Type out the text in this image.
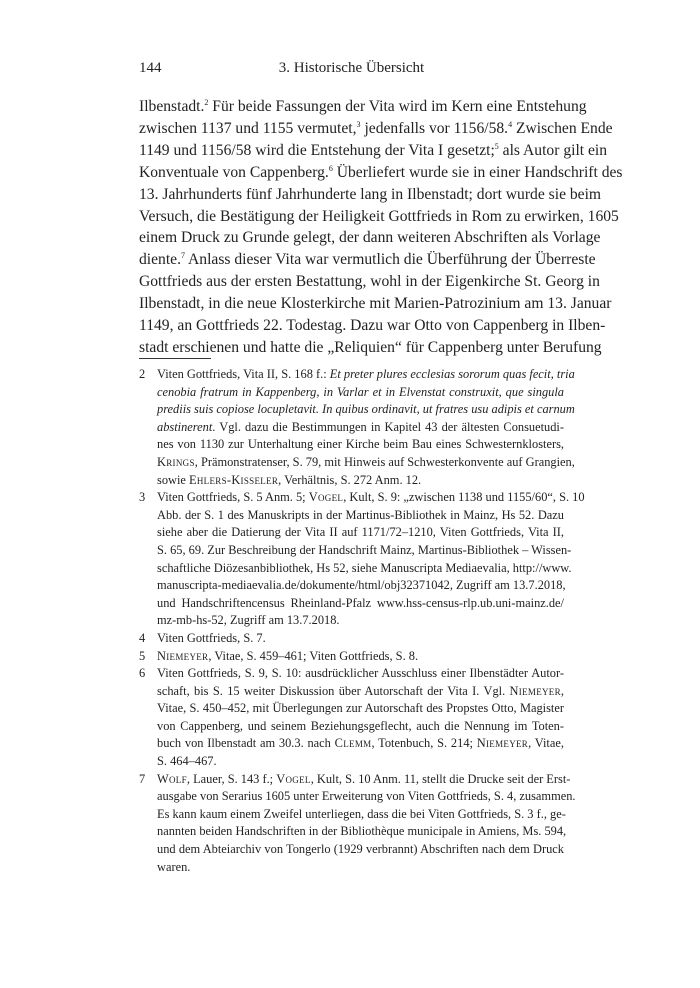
144	3. Historische Übersicht
Ilbenstadt.$^2$ Für beide Fassungen der Vita wird im Kern eine Entstehung
zwischen 1137 und 1155 vermutet,$^3$ jedenfalls vor 1156/58.$^4$ Zwischen Ende
1149 und 1156/58 wird die Entstehung der Vita I gesetzt;$^5$ als Autor gilt ein
Konventuale von Cappenberg.$^6$ Überliefert wurde sie in einer Handschrift des
13. Jahrhunderts fünf Jahrhunderte lang in Ilbenstadt; dort wurde sie beim
Versuch, die Bestätigung der Heiligkeit Gottfrieds in Rom zu erwirken, 1605
einem Druck zu Grunde gelegt, der dann weiteren Abschriften als Vorlage
diente.$^7$ Anlass dieser Vita war vermutlich die Überführung der Überreste
Gottfrieds aus der ersten Bestattung, wohl in der Eigenkirche St. Georg in
Ilbenstadt, in die neue Klosterkirche mit Marien-Patrozinium am 13. Januar
1149, an Gottfrieds 22. Todestag. Dazu war Otto von Cappenberg in Ilben-
stadt erschienen und hatte die „Reliquien“ für Cappenberg unter Berufung
2 Viten Gottfrieds, Vita II, S. 168 f.: Et preter plures ecclesias sororum quas fecit, tria
cenobia fratrum in Kappenberg, in Varlar et in Elvenstat construxit, que singula
prediis suis copiose locupletavit. In quibus ordinavit, ut fratres usu adipis et carnum
abstinerent. Vgl. dazu die Bestimmungen in Kapitel 43 der ältesten Consuetudi-
nes von 1130 zur Unterhaltung einer Kirche beim Bau eines Schwesternklosters,
Krings, Prämonstratenser, S. 79, mit Hinweis auf Schwesterkonvente auf Grangien,
sowie Ehlers-Kisseler, Verhältnis, S. 272 Anm. 12.
3 Viten Gottfrieds, S. 5 Anm. 5; Vogel, Kult, S. 9: „zwischen 1138 und 1155/60“, S. 10
Abb. der S. 1 des Manuskripts in der Martinus-Bibliothek in Mainz, Hs 52. Dazu
siehe aber die Datierung der Vita II auf 1171/72–1210, Viten Gottfrieds, Vita II,
S. 65, 69. Zur Beschreibung der Handschrift Mainz, Martinus-Bibliothek – Wissen-
schaftliche Diözesanbibliothek, Hs 52, siehe Manuscripta Mediaevalia, http://www.
manuscripta-mediaevalia.de/dokumente/html/obj32371042, Zugriff am 13.7.2018,
und Handschriftencensus Rheinland-Pfalz www.hss-census-rlp.ub.uni-mainz.de/
mz-mb-hs-52, Zugriff am 13.7.2018.
4 Viten Gottfrieds, S. 7.
5 Niemeyer, Vitae, S. 459–461; Viten Gottfrieds, S. 8.
6 Viten Gottfrieds, S. 9, S. 10: ausdrücklicher Ausschluss einer Ilbenstädter Autor-
schaft, bis S. 15 weiter Diskussion über Autorschaft der Vita I. Vgl. Niemeyer,
Vitae, S. 450–452, mit Überlegungen zur Autorschaft des Propstes Otto, Magister
von Cappenberg, und seinem Beziehungsgeflecht, auch die Nennung im Toten-
buch von Ilbenstadt am 30.3. nach Clemm, Totenbuch, S. 214; Niemeyer, Vitae,
S. 464–467.
7 Wolf, Lauer, S. 143 f.; Vogel, Kult, S. 10 Anm. 11, stellt die Drucke seit der Erst-
ausgabe von Serarius 1605 unter Erweiterung von Viten Gottfrieds, S. 4, zusammen.
Es kann kaum einem Zweifel unterliegen, dass die bei Viten Gottfrieds, S. 3 f., ge-
nannten beiden Handschriften in der Bibliothèque municipale in Amiens, Ms. 594,
und dem Abteiarchiv von Tongerlo (1929 verbrannt) Abschriften nach dem Druck
waren.
